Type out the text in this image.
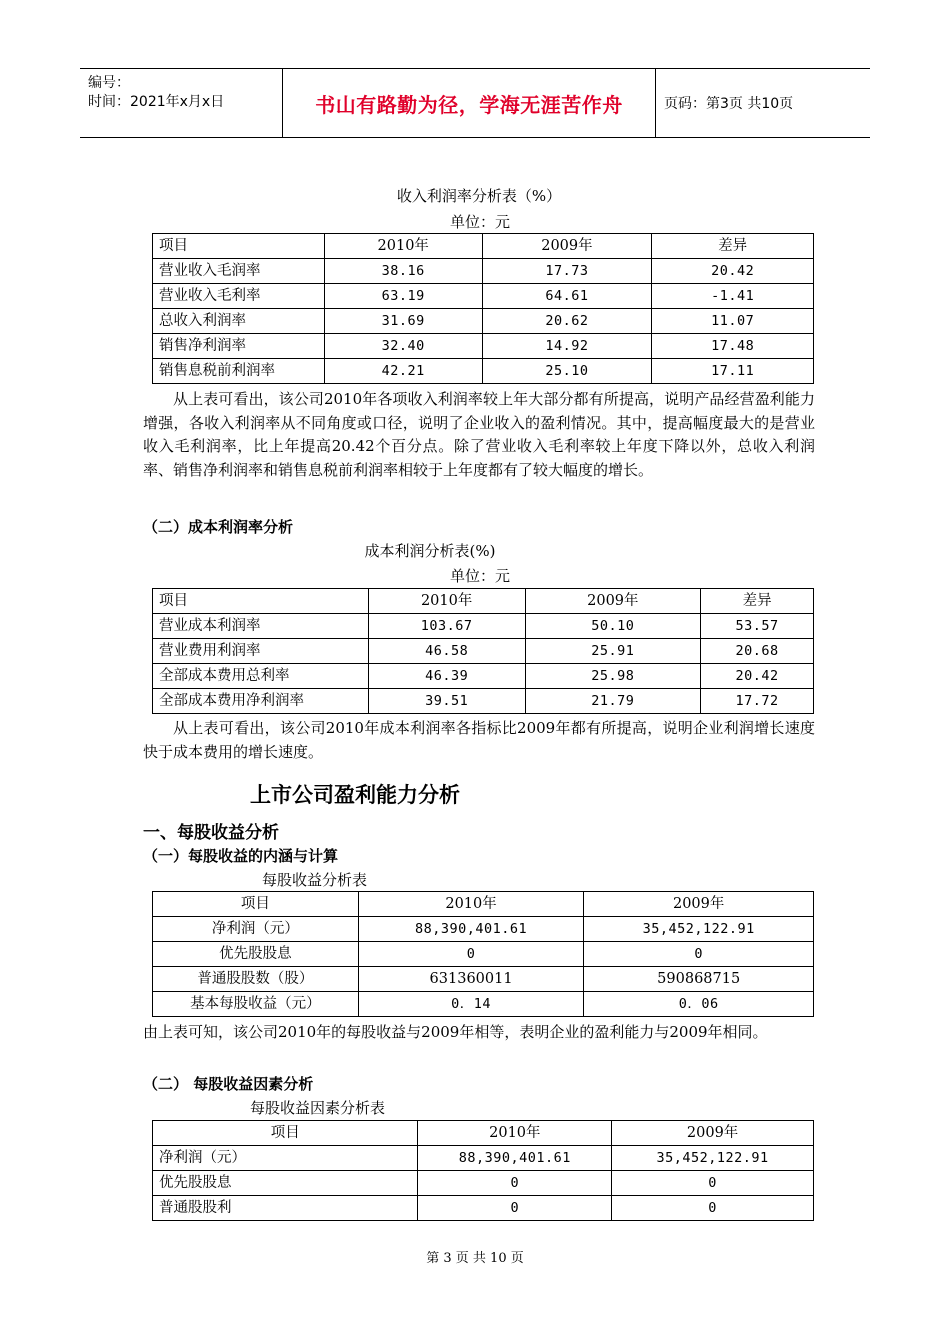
编号：
时间：2021年x月x日	书山有路勤为径，学海无涯苦作舟	页码：第3页 共10页
收入利润率分析表（%）
单位：元
项目	2010年	2009年	差异
营业收入毛润率	38.16	17.73	20.42
营业收入毛利率	63.19	64.61	-1.41
总收入利润率	31.69	20.62	11.07
销售净利润率	32.40	14.92	17.48
销售息税前利润率	42.21	25.10	17.11
从上表可看出，该公司2010年各项收入利润率较上年大部分都有所提高，说明产品经营盈利能力增强，各收入利润率从不同角度或口径，说明了企业收入的盈利情况。其中，提高幅度最大的是营业收入毛利润率，比上年提高20.42个百分点。除了营业收入毛利率较上年度下降以外，总收入利润率、销售净利润率和销售息税前利润率相较于上年度都有了较大幅度的增长。
（二）成本利润率分析
成本利润分析表(%)
单位：元
项目	2010年	2009年	差异
营业成本利润率	103.67	50.10	53.57
营业费用利润率	46.58	25.91	20.68
全部成本费用总利率	46.39	25.98	20.42
全部成本费用净利润率	39.51	21.79	17.72
从上表可看出，该公司2010年成本利润率各指标比2009年都有所提高，说明企业利润增长速度快于成本费用的增长速度。
上市公司盈利能力分析
一、每股收益分析
（一）每股收益的内涵与计算
每股收益分析表
项目	2010年	2009年
净利润（元）	88,390,401.61	35,452,122.91
优先股股息	0	0
普通股股数（股）	631360011	590868715
基本每股收益（元）	0．14	0．06
由上表可知，该公司2010年的每股收益与2009年相等，表明企业的盈利能力与2009年相同。
（二） 每股收益因素分析
每股收益因素分析表
项目	2010年	2009年
净利润（元）	88,390,401.61	35,452,122.91
优先股股息	0	0
普通股股利	0	0
第 3 页 共 10 页
